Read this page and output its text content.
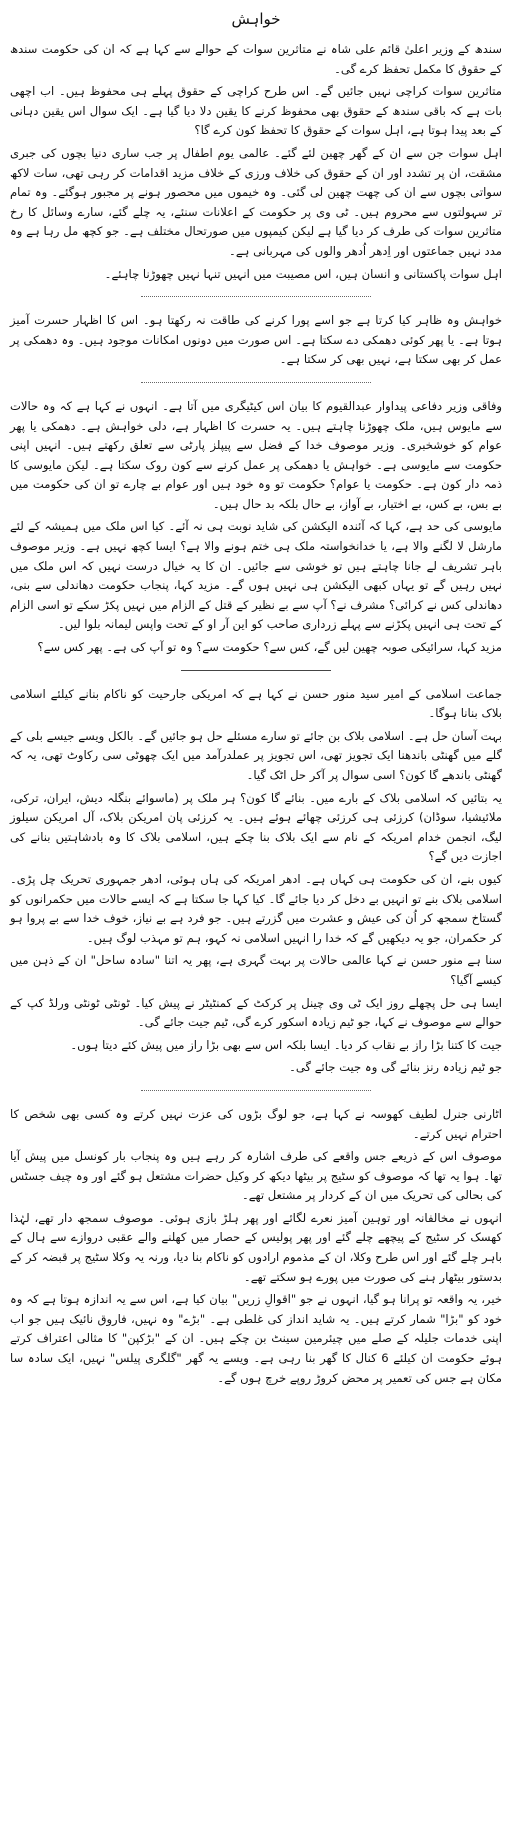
خواہش

سندھ کے وزیر اعلیٰ قائم علی شاہ نے متاثرین سوات کے حوالے سے کہا ہے کہ ان کی حکومت سندھ کے حقوق کا مکمل تحفظ کرے گی۔

متاثرین سوات کراچی نہیں جائیں گے۔ اس طرح کراچی کے حقوق پہلے ہی محفوظ ہیں۔ اب اچھی بات ہے کہ باقی سندھ کے حقوق بھی محفوظ کرنے کا یقین دلا دیا گیا ہے۔ ایک سوال اس یقین دہانی کے بعد پیدا ہوتا ہے، اہل سوات کے حقوق کا تحفظ کون کرے گا؟

اہل سوات جن سے ان کے گھر چھین لئے گئے۔ عالمی یوم اطفال پر جب ساری دنیا بچوں کی جبری مشقت، ان پر تشدد اور ان کے حقوق کی خلاف ورزی کے خلاف مزید اقدامات کر رہی تھی، سات لاکھ سواتی بچوں سے ان کی چھت چھین لی گئی۔ وہ خیموں میں محصور ہونے پر مجبور ہوگئے۔ وہ تمام تر سہولتوں سے محروم ہیں۔ ٹی وی پر حکومت کے اعلانات سنئے، یہ چلے گئے، سارے وسائل کا رخ متاثرین سوات کی طرف کر دیا گیا ہے لیکن کیمپوں میں صورتحال مختلف ہے۔ جو کچھ مل رہا ہے وہ مدد نہیں جماعتوں اور اِدھر اُدھر والوں کی مہربانی ہے۔

اہل سوات پاکستانی و انسان ہیں، اس مصیبت میں انہیں تنہا نہیں چھوڑنا چاہئے۔

خواہش وہ ظاہر کیا کرتا ہے جو اسے پورا کرنے کی طاقت نہ رکھتا ہو۔ اس کا اظہار حسرت آمیز ہوتا ہے۔ یا پھر کوئی دھمکی دے سکتا ہے۔ اس صورت میں دونوں امکانات موجود ہیں۔ وہ دھمکی پر عمل کر بھی سکتا ہے، نہیں بھی کر سکتا ہے۔

وفاقی وزیر دفاعی پیداوار عبدالقیوم کا بیان اس کیٹیگری میں آتا ہے۔ انہوں نے کہا ہے کہ وہ حالات سے مایوس ہیں، ملک چھوڑنا چاہتے ہیں۔ یہ حسرت کا اظہار ہے، دلی خواہش ہے۔ دھمکی یا پھر عوام کو خوشخبری۔ وزیر موصوف خدا کے فضل سے پیپلز پارٹی سے تعلق رکھتے ہیں۔ انہیں اپنی حکومت سے مایوسی ہے۔ خواہش یا دھمکی پر عمل کرنے سے کون روک سکتا ہے۔ لیکن مایوسی کا ذمہ دار کون ہے۔ حکومت یا عوام؟ حکومت تو وہ خود ہیں اور عوام بے چارے تو ان کی حکومت میں بے بس، بے کس، بے اختیار، بے آواز، بے حال بلکہ بد حال ہیں۔

مایوسی کی حد ہے، کہا کہ آئندہ الیکشن کی شاید نوبت ہی نہ آئے۔ کیا اس ملک میں ہمیشہ کے لئے مارشل لا لگنے والا ہے، یا خدانخواستہ ملک ہی ختم ہونے والا ہے؟ ایسا کچھ نہیں ہے۔ وزیر موصوف باہر تشریف لے جانا چاہتے ہیں تو خوشی سے جائیں۔ ان کا یہ خیال درست نہیں کہ اس ملک میں نہیں رہیں گے تو یہاں کبھی الیکشن ہی نہیں ہوں گے۔ مزید کہا، پنجاب حکومت دھاندلی سے بنی، دھاندلی کس نے کرائی؟ مشرف نے؟ آپ سے بے نظیر کے قتل کے الزام میں نہیں پکڑ سکے تو اسی الزام کے تحت ہی انہیں پکڑنے سے پہلے زرداری صاحب کو این آر او کے تحت واپس لیمانہ بلوا لیں۔

مزید کہا، سرائیکی صوبہ چھین لیں گے، کس سے؟ حکومت سے؟ وہ تو آپ کی ہے۔ پھر کس سے؟

جماعت اسلامی کے امیر سید منور حسن نے کہا ہے کہ امریکی جارحیت کو ناکام بنانے کیلئے اسلامی بلاک بنانا ہوگا۔

بہت آسان حل ہے۔ اسلامی بلاک بن جائے تو سارے مسئلے حل ہو جائیں گے۔ بالکل ویسے جیسے بلی کے گلے میں گھنٹی باندھنا ایک تجویز تھی، اس تجویز پر عملدرآمد میں ایک چھوٹی سی رکاوٹ تھی، یہ کہ گھنٹی باندھے گا کون؟ اسی سوال پر آکر حل اٹک گیا۔

یہ بتائیں کہ اسلامی بلاک کے بارے میں۔ بنائے گا کون؟ ہر ملک پر (ماسوائے بنگلہ دیش، ایران، ترکی، ملائیشیا، سوڈان) کرزئی ہی کرزئی چھائے ہوئے ہیں۔ یہ کرزئی پان امریکن بلاک، آل امریکن سیلوز لیگ، انجمن خدام امریکہ کے نام سے ایک بلاک بنا چکے ہیں، اسلامی بلاک کا وہ بادشاہتیں بنانے کی اجازت دیں گے؟

کیوں بنے، ان کی حکومت ہی کہاں ہے۔ ادھر امریکہ کی ہاں ہوئی، ادھر جمہوری تحریک چل پڑی۔ اسلامی بلاک بنے تو انہیں بے دخل کر دیا جائے گا۔ کیا کہا جا سکتا ہے کہ ایسے حالات میں حکمرانوں کو گستاخ سمجھ کر اُن کی عیش و عشرت میں گزرتے ہیں۔ جو فرد ہے بے نیاز، خوف خدا سے بے پروا ہو کر حکمران، جو یہ دیکھیں گے کہ خدا را انہیں اسلامی نہ کہو، ہم تو مہذب لوگ ہیں۔

سنا ہے منور حسن نے کہا عالمی حالات پر بہت گہری ہے، پھر یہ اتنا "سادہ ساحل" ان کے ذہن میں کیسے آگیا؟

ایسا ہی حل پچھلے روز ایک ٹی وی چینل پر کرکٹ کے کمنٹیٹر نے پیش کیا۔ ٹونٹی ٹونٹی ورلڈ کپ کے حوالے سے موصوف نے کہا، جو ٹیم زیادہ اسکور کرے گی، ٹیم جیت جائے گی۔

جیت کا کتنا بڑا راز بے نقاب کر دیا۔ ایسا بلکہ اس سے بھی بڑا راز میں پیش کئے دیتا ہوں۔

جو ٹیم زیادہ رنز بنائے گی وہ جیت جائے گی۔

اٹارنی جنرل لطیف کھوسہ نے کہا ہے، جو لوگ بڑوں کی عزت نہیں کرتے وہ کسی بھی شخص کا احترام نہیں کرتے۔

موصوف اس کے ذریعے جس واقعے کی طرف اشارہ کر رہے ہیں وہ پنجاب بار کونسل میں پیش آیا تھا۔ ہوا یہ تھا کہ موصوف کو سٹیج پر بیٹھا دیکھ کر وکیل حضرات مشتعل ہو گئے اور وہ چیف جسٹس کی بحالی کی تحریک میں ان کے کردار پر مشتعل تھے۔

انہوں نے مخالفانہ اور توہین آمیز نعرے لگائے اور پھر ہلڑ بازی ہوئی۔ موصوف سمجھ دار تھے، لہٰذا کھسک کر سٹیج کے پیچھے چلے گئے اور پھر پولیس کے حصار میں کھلنے والے عقبی دروازے سے ہال کے باہر چلے گئے اور اس طرح وکلا، ان کے مذموم ارادوں کو ناکام بنا دیا، ورنہ یہ وکلا سٹیج پر قبضہ کر کے بدستور بیٹھار ہنے کی صورت میں پورے ہو سکتے تھے۔

خیر، یہ واقعہ تو پرانا ہو گیا، انہوں نے جو "اقوالِ زریں" بیان کیا ہے، اس سے یہ اندازہ ہوتا ہے کہ وہ خود کو "بڑا" شمار کرتے ہیں۔ یہ شاید انداز کی غلطی ہے۔ "بڑے" وہ نہیں، فاروق نائیک ہیں جو اب اپنی خدمات جلیلہ کے صلے میں چیئرمین سینٹ بن چکے ہیں۔ ان کے "بڑکپن" کا مثالی اعتراف کرتے ہوئے حکومت ان کیلئے 6 کنال کا گھر بنا رہی ہے۔ ویسے یہ گھر "گلگری پیلس" نہیں، ایک سادہ سا مکان ہے جس کی تعمیر پر محض کروڑ روپے خرچ ہوں گے۔
